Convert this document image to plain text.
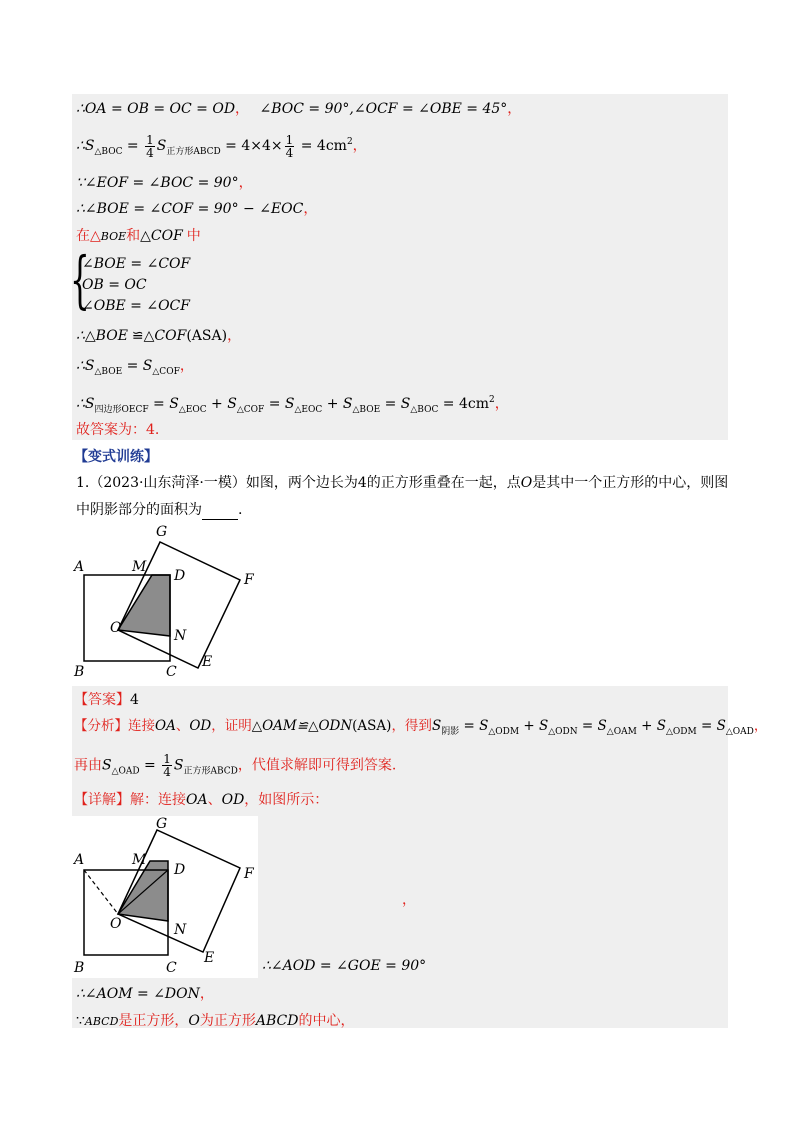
∴OA = OB = OC = OD， ∠BOC = 90°,∠OCF = ∠OBE = 45°，
$\therefore S_{\triangle BOC} = \frac{1}{4} S_{正方形ABCD} = 4\times 4\times \frac{1}{4} = 4cm^2$，
∵∠EOF = ∠BOC = 90°，
∴∠BOE = ∠COF = 90° − ∠EOC，
在△BOE和△COF 中
{
∠BOE = ∠COF
OB = OC
∠OBE = ∠OCF
∴△BOE ≌△COF(ASA)，
$\therefore S_{\triangle BOE} = S_{\triangle COF}$，
$\therefore S_{四边形OECF} = S_{\triangle EOC} + S_{\triangle COF} = S_{\triangle EOC} + S_{\triangle BOE} = S_{\triangle BOC} = 4cm^2$，
故答案为：4.
【变式训练】
1.（2023·山东菏泽·一模）如图，两个边长为4的正方形重叠在一起，点O是其中一个正方形的中心，则图
中阴影部分的面积为	.
A	M
D
G
F
O	N
B	C
E
【答案】4
【分析】连接OA、OD，证明△OAM≌△ODN(ASA)，得到$S_{阴影} = S_{\triangle ODM} + S_{\triangle ODN} = S_{\triangle OAM} + S_{\triangle ODM} = S_{\triangle OAD}$，
再由$S_{\triangle OAD} = \frac{1}{4} S_{正方形ABCD}$，代值求解即可得到答案.
【详解】解：连接OA、OD，如图所示：
A	M
D
G
F
O	N
B	C
E
，
∴∠AOD = ∠GOE = 90°
∴∠AOM = ∠DON，
∵ABCD是正方形，O为正方形ABCD的中心，
